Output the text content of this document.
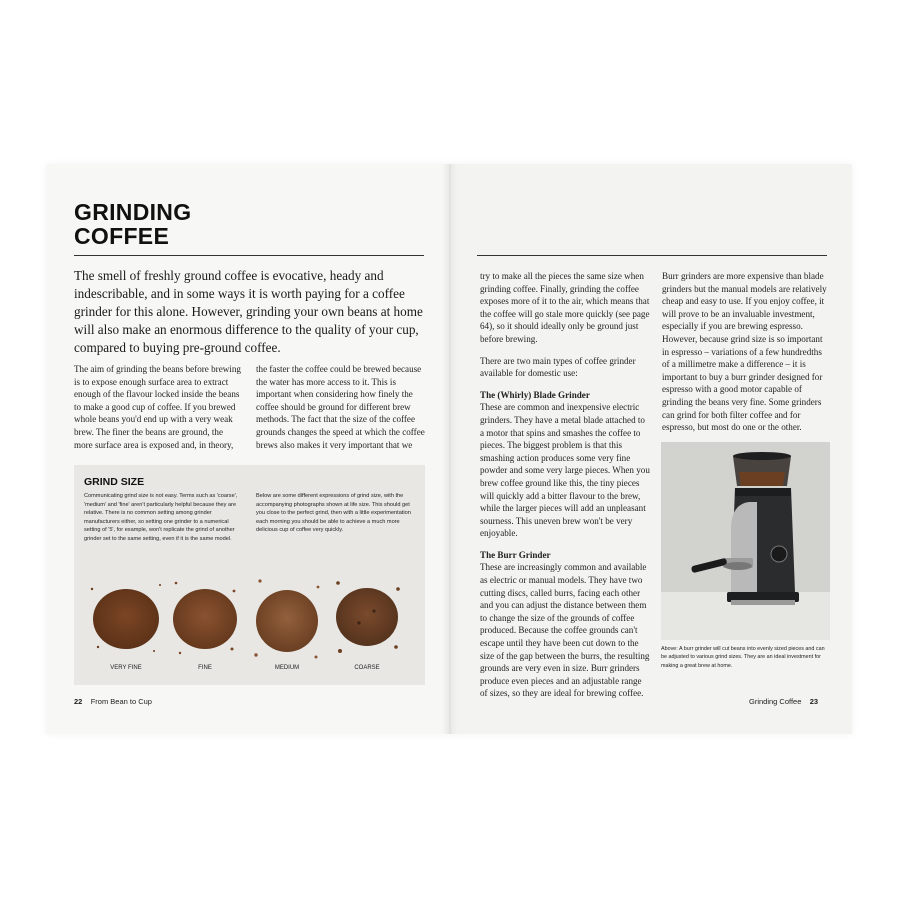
GRINDING
COFFEE

The smell of freshly ground coffee is evocative, heady and indescribable, and in some ways it is worth paying for a coffee grinder for this alone. However, grinding your own beans at home will also make an enormous difference to the quality of your cup, compared to buying pre-ground coffee.

The aim of grinding the beans before brewing is to expose enough surface area to extract enough of the flavour locked inside the beans to make a good cup of coffee. If you brewed whole beans you'd end up with a very weak brew. The finer the beans are ground, the more surface area is exposed and, in theory,

the faster the coffee could be brewed because the water has more access to it. This is important when considering how finely the coffee should be ground for different brew methods. The fact that the size of the coffee grounds changes the speed at which the coffee brews also makes it very important that we

GRIND SIZE

Communicating grind size is not easy. Terms such as 'coarse', 'medium' and 'fine' aren't particularly helpful because they are relative. There is no common setting among grinder manufacturers either, so setting one grinder to a numerical setting of '5', for example, won't replicate the grind of another grinder set to the same setting, even if it is the same model.

Below are some different expressions of grind size, with the accompanying photographs shown at life size. This should get you close to the perfect grind, then with a little experimentation each morning you should be able to achieve a much more delicious cup of coffee very quickly.

VERY FINE	FINE	MEDIUM	COARSE
22 From Bean to Cup

try to make all the pieces the same size when grinding coffee. Finally, grinding the coffee exposes more of it to the air, which means that the coffee will go stale more quickly (see page 64), so it should ideally only be ground just before brewing.

There are two main types of coffee grinder available for domestic use:

The (Whirly) Blade Grinder

These are common and inexpensive electric grinders. They have a metal blade attached to a motor that spins and smashes the coffee to pieces. The biggest problem is that this smashing action produces some very fine powder and some very large pieces. When you brew coffee ground like this, the tiny pieces will quickly add a bitter flavour to the brew, while the larger pieces will add an unpleasant sourness. This uneven brew won't be very enjoyable.

The Burr Grinder

These are increasingly common and available as electric or manual models. They have two cutting discs, called burrs, facing each other and you can adjust the distance between them to change the size of the grounds of coffee produced. Because the coffee grounds can't escape until they have been cut down to the size of the gap between the burrs, the resulting grounds are very even in size. Burr grinders produce even pieces and an adjustable range of sizes, so they are ideal for brewing coffee.

Burr grinders are more expensive than blade grinders but the manual models are relatively cheap and easy to use. If you enjoy coffee, it will prove to be an invaluable investment, especially if you are brewing espresso. However, because grind size is so important in espresso – variations of a few hundredths of a millimetre make a difference – it is important to buy a burr grinder designed for espresso with a good motor capable of grinding the beans very fine. Some grinders can grind for both filter coffee and for espresso, but most do one or the other.

Above: A burr grinder will cut beans into evenly sized pieces and can be adjusted to various grind sizes. They are an ideal investment for making a great brew at home.

Grinding Coffee 23
